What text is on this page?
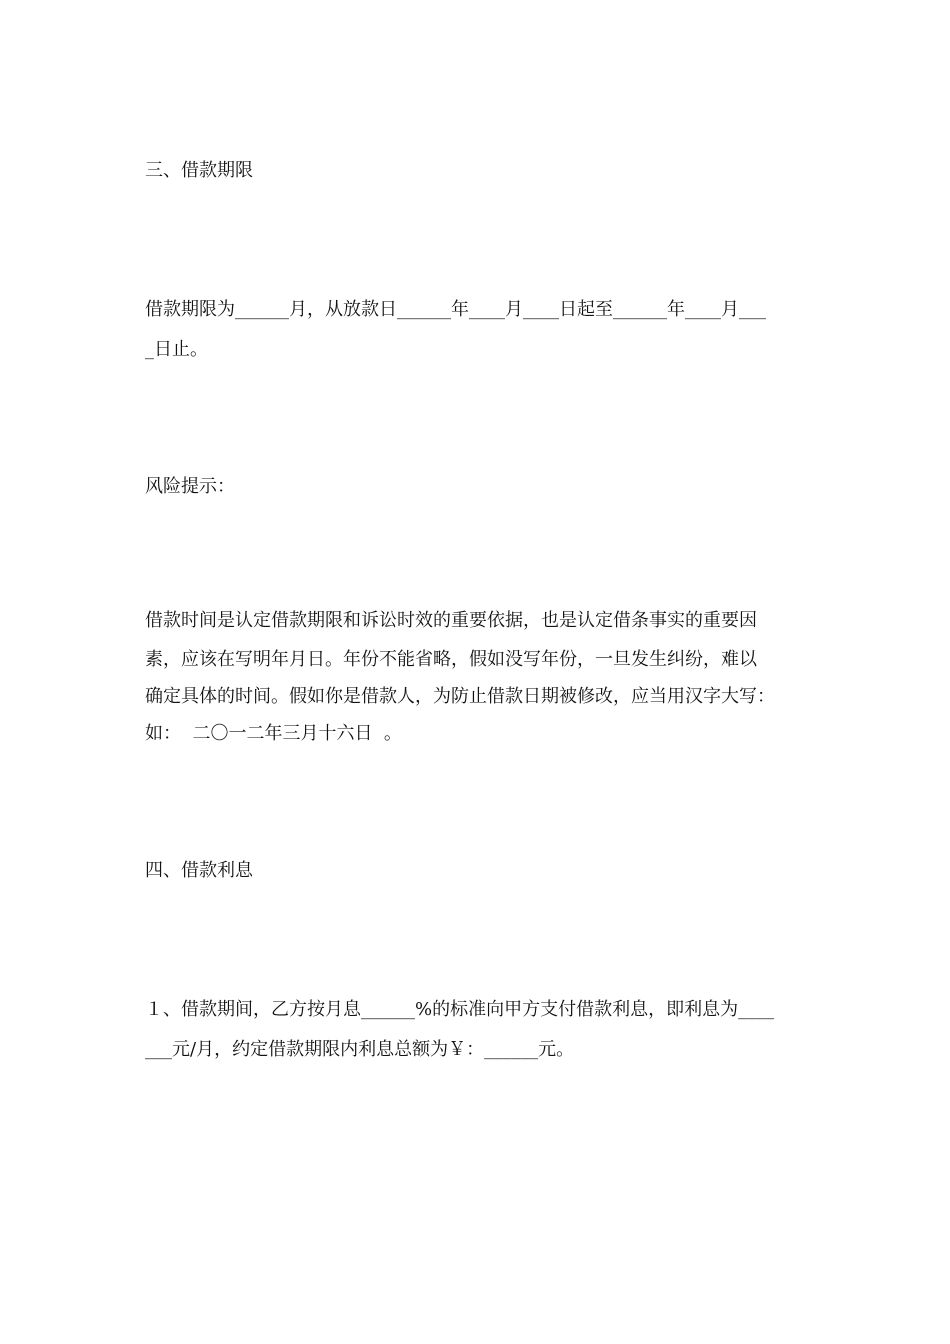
三、借款期限

借款期限为______月，从放款日______年____月____日起至______年____月___

_日止。

风险提示：

借款时间是认定借款期限和诉讼时效的重要依据，也是认定借条事实的重要因

素，应该在写明年月日。年份不能省略，假如没写年份，一旦发生纠纷，难以

确定具体的时间。假如你是借款人，为防止借款日期被修改，应当用汉字大写：

如：  二〇一二年三月十六日  。

四、借款利息

１、借款期间，乙方按月息______%的标准向甲方支付借款利息，即利息为____

___元/月，约定借款期限内利息总额为￥：______元。
